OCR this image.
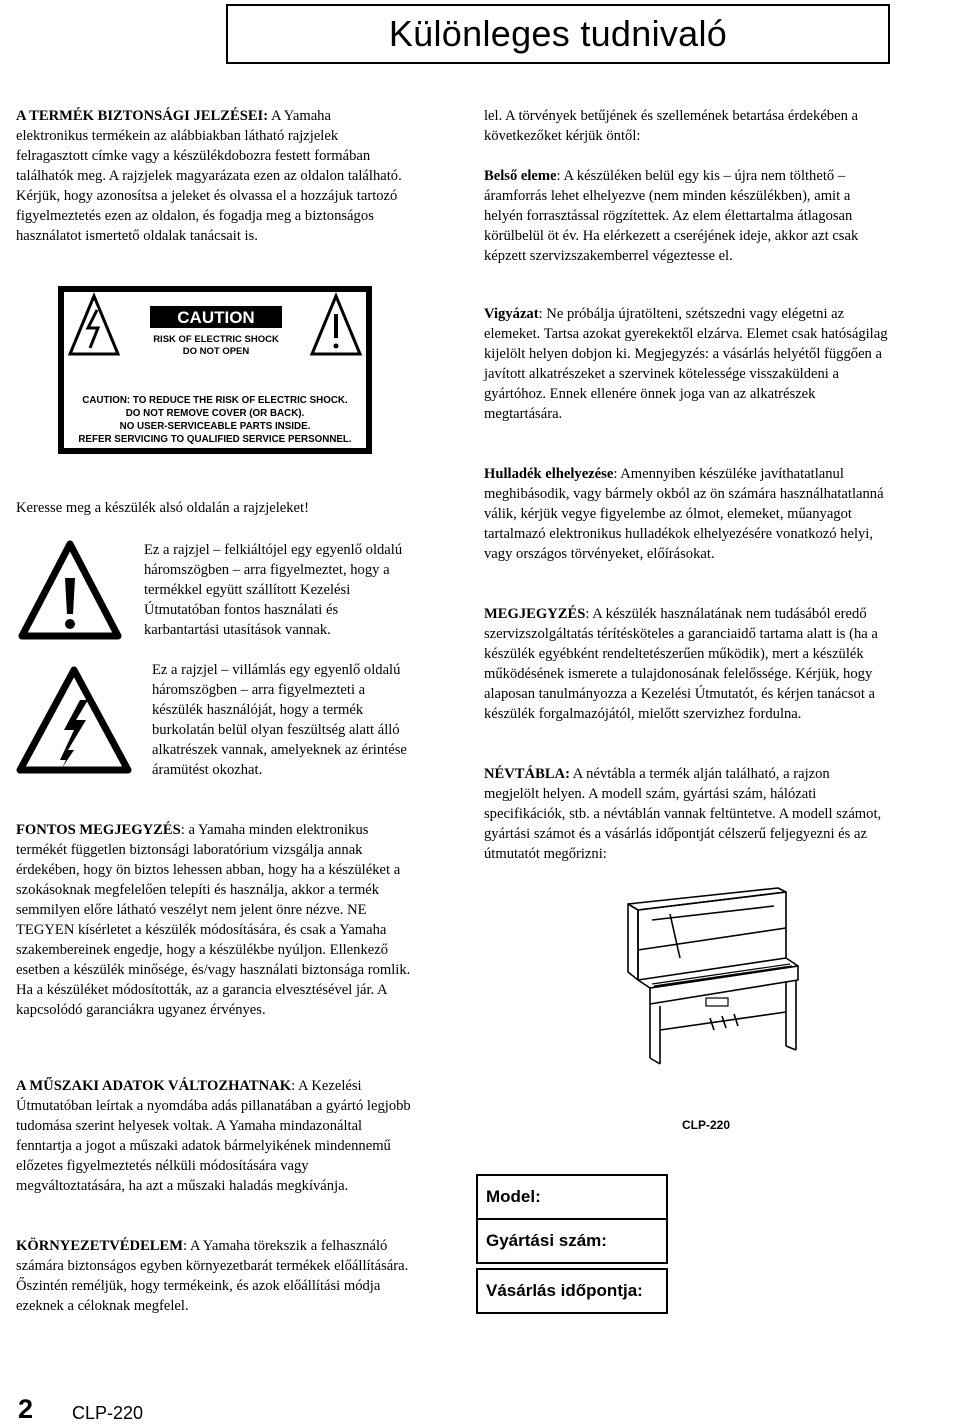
Különleges tudnivaló

A TERMÉK BIZTONSÁGI JELZÉSEI: A Yamaha elektronikus termékein az alábbiakban látható rajzjelek felragasztott címke vagy a készülékdobozra festett formában találhatók meg. A rajzjelek magyarázata ezen az oldalon található. Kérjük, hogy azonosítsa a jeleket és olvassa el a hozzájuk tartozó figyelmeztetés ezen az oldalon, és fogadja meg a biztonságos használatot ismertető oldalak tanácsait is.

CAUTION
RISK OF ELECTRIC SHOCK
DO NOT OPEN
CAUTION: TO REDUCE THE RISK OF ELECTRIC SHOCK.
DO NOT REMOVE COVER (OR BACK).
NO USER-SERVICEABLE PARTS INSIDE.
REFER SERVICING TO QUALIFIED SERVICE PERSONNEL.

Keresse meg a készülék alsó oldalán a rajzjeleket!

Ez a rajzjel – felkiáltójel egy egyenlő oldalú háromszögben – arra figyelmeztet, hogy a termékkel együtt szállított Kezelési Útmutatóban fontos használati és karbantartási utasítások vannak.

Ez a rajzjel – villámlás egy egyenlő oldalú háromszögben – arra figyelmezteti a készülék használóját, hogy a termék burkolatán belül olyan feszültség alatt álló alkatrészek vannak, amelyeknek az érintése áramütést okozhat.

FONTOS MEGJEGYZÉS: a Yamaha minden elektronikus termékét független biztonsági laboratórium vizsgálja annak érdekében, hogy ön biztos lehessen abban, hogy ha a készüléket a szokásoknak megfelelően telepíti és használja, akkor a termék semmilyen előre látható veszélyt nem jelent önre nézve. NE TEGYEN kísérletet a készülék módosítására, és csak a Yamaha szakembereinek engedje, hogy a készülékbe nyúljon. Ellenkező esetben a készülék minősége, és/vagy használati biztonsága romlik. Ha a készüléket módosították, az a garancia elvesztésével jár. A kapcsolódó garanciákra ugyanez érvényes.

A MŰSZAKI ADATOK VÁLTOZHATNAK: A Kezelési Útmutatóban leírtak a nyomdába adás pillanatában a gyártó legjobb tudomása szerint helyesek voltak. A Yamaha mindazonáltal fenntartja a jogot a műszaki adatok bármelyikének mindennemű előzetes figyelmeztetés nélküli módosítására vagy megváltoztatására, ha azt a műszaki haladás megkívánja.

KÖRNYEZETVÉDELEM: A Yamaha törekszik a felhasználó számára biztonságos egyben környezetbarát termékek előállítására. Őszintén reméljük, hogy termékeink, és azok előállítási módja ezeknek a céloknak megfelel.

lel. A törvények betűjének és szellemének betartása érdekében a következőket kérjük öntől:

Belső eleme: A készüléken belül egy kis – újra nem tölthető – áramforrás lehet elhelyezve (nem minden készülékben), amit a helyén forrasztással rögzítettek. Az elem élettartalma átlagosan körülbelül öt év. Ha elérkezett a cseréjének ideje, akkor azt csak képzett szervizszakemberrel végeztesse el.

Vigyázat: Ne próbálja újratölteni, szétszedni vagy elégetni az elemeket. Tartsa azokat gyerekektől elzárva. Elemet csak hatóságilag kijelölt helyen dobjon ki. Megjegyzés: a vásárlás helyétől függően a javított alkatrészeket a szervinek kötelessége visszaküldeni a gyártóhoz. Ennek ellenére önnek joga van az alkatrészek megtartására.

Hulladék elhelyezése: Amennyiben készüléke javíthatatlanul meghibásodik, vagy bármely okból az ön számára használhatatlanná válik, kérjük vegye figyelembe az ólmot, elemeket, műanyagot tartalmazó elektronikus hulladékok elhelyezésére vonatkozó helyi, vagy országos törvényeket, előírásokat.

MEGJEGYZÉS: A készülék használatának nem tudásából eredő szervizszolgáltatás térítésköteles a garanciaidő tartama alatt is (ha a készülék egyébként rendeltetészerűen működik), mert a készülék működésének ismerete a tulajdonosának felelőssége. Kérjük, hogy alaposan tanulmányozza a Kezelési Útmutatót, és kérjen tanácsot a készülék forgalmazójától, mielőtt szervizhez fordulna.

NÉVTÁBLA: A névtábla a termék alján található, a rajzon megjelölt helyen. A modell szám, gyártási szám, hálózati specifikációk, stb. a névtáblán vannak feltüntetve. A modell számot, gyártási számot és a vásárlás időpontját célszerű feljegyezni és az útmutatót megőrizni:

CLP-220
Model:
Gyártási szám:
Vásárlás időpontja:
2 CLP-220
